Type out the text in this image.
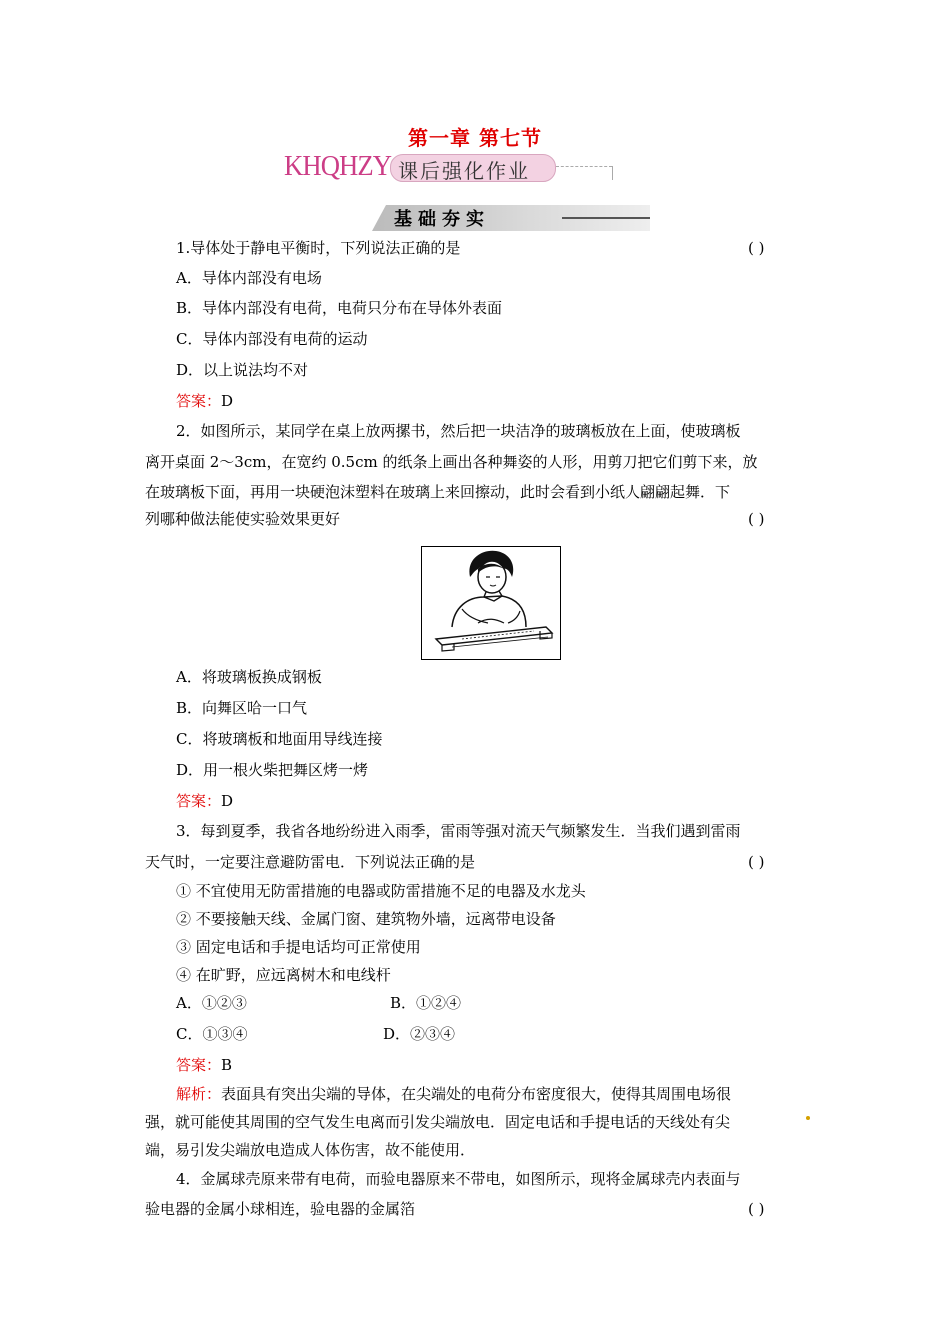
第一章 第七节
KHQHZY 课后强化作业
基础夯实
1.导体处于静电平衡时，下列说法正确的是	( )
A．导体内部没有电场
B．导体内部没有电荷，电荷只分布在导体外表面
C．导体内部没有电荷的运动
D．以上说法均不对
答案：D
2．如图所示，某同学在桌上放两摞书，然后把一块洁净的玻璃板放在上面，使玻璃板
离开桌面 2～3cm，在宽约 0.5cm 的纸条上画出各种舞姿的人形，用剪刀把它们剪下来，放
在玻璃板下面，再用一块硬泡沫塑料在玻璃上来回擦动，此时会看到小纸人翩翩起舞．下
列哪种做法能使实验效果更好	( )
A．将玻璃板换成钢板
B．向舞区哈一口气
C．将玻璃板和地面用导线连接
D．用一根火柴把舞区烤一烤
答案：D
3．每到夏季，我省各地纷纷进入雨季，雷雨等强对流天气频繁发生．当我们遇到雷雨
天气时，一定要注意避防雷电．下列说法正确的是	( )
① 不宜使用无防雷措施的电器或防雷措施不足的电器及水龙头
② 不要接触天线、金属门窗、建筑物外墙，远离带电设备
③ 固定电话和手提电话均可正常使用
④ 在旷野，应远离树木和电线杆
A．①②③	B．①②④
C．①③④	D．②③④
答案：B
解析：表面具有突出尖端的导体，在尖端处的电荷分布密度很大，使得其周围电场很
强，就可能使其周围的空气发生电离而引发尖端放电．固定电话和手提电话的天线处有尖
端，易引发尖端放电造成人体伤害，故不能使用．
4．金属球壳原来带有电荷，而验电器原来不带电，如图所示，现将金属球壳内表面与
验电器的金属小球相连，验电器的金属箔	( )
